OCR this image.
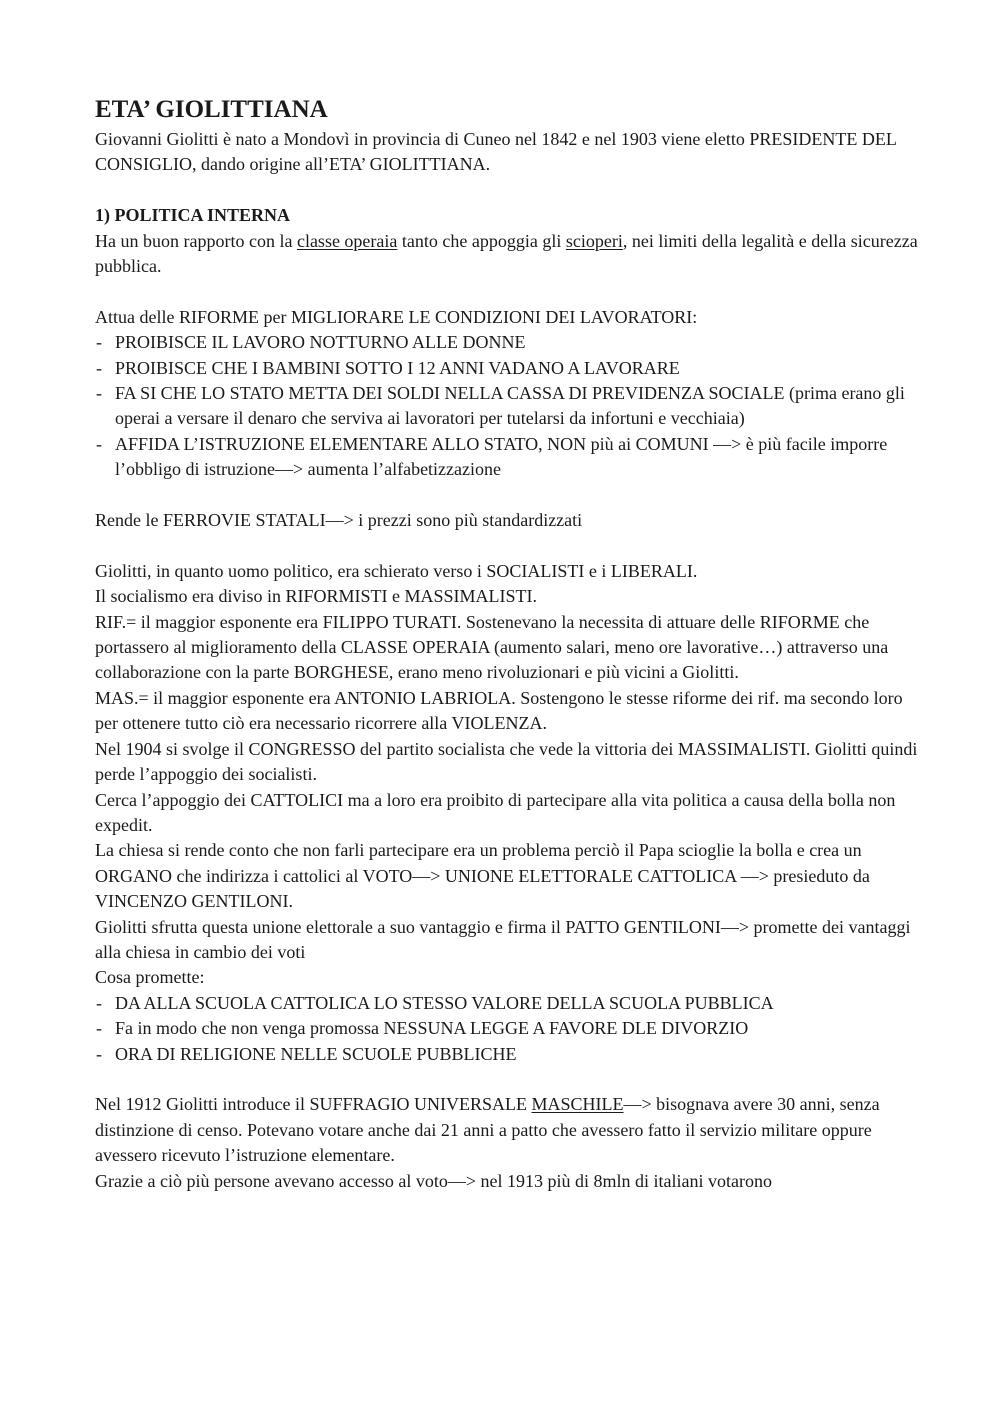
ETA’ GIOLITTIANA

Giovanni Giolitti è nato a Mondovì in provincia di Cuneo nel 1842 e nel 1903 viene eletto PRESIDENTE DEL CONSIGLIO, dando origine all’ETA’ GIOLITTIANA.

1) POLITICA INTERNA

Ha un buon rapporto con la classe operaia tanto che appoggia gli scioperi, nei limiti della legalità e della sicurezza pubblica.

Attua delle RIFORME per MIGLIORARE LE CONDIZIONI DEI LAVORATORI:

- PROIBISCE IL LAVORO NOTTURNO ALLE DONNE
- PROIBISCE CHE I BAMBINI SOTTO I 12 ANNI VADANO A LAVORARE
- FA SI CHE LO STATO METTA DEI SOLDI NELLA CASSA DI PREVIDENZA SOCIALE (prima erano gli operai a versare il denaro che serviva ai lavoratori per tutelarsi da infortuni e vecchiaia)
- AFFIDA L’ISTRUZIONE ELEMENTARE ALLO STATO, NON più ai COMUNI —> è più facile imporre l’obbligo di istruzione—> aumenta l’alfabetizzazione

Rende le FERROVIE STATALI—> i prezzi sono più standardizzati

Giolitti, in quanto uomo politico, era schierato verso i SOCIALISTI e i LIBERALI.

Il socialismo era diviso in RIFORMISTI e MASSIMALISTI.

RIF.= il maggior esponente era FILIPPO TURATI. Sostenevano la necessita di attuare delle RIFORME che portassero al miglioramento della CLASSE OPERAIA (aumento salari, meno ore lavorative…) attraverso una collaborazione con la parte BORGHESE, erano meno rivoluzionari e più vicini a Giolitti.

MAS.= il maggior esponente era ANTONIO LABRIOLA. Sostengono le stesse riforme dei rif. ma secondo loro per ottenere tutto ciò era necessario ricorrere alla VIOLENZA.

Nel 1904 si svolge il CONGRESSO del partito socialista che vede la vittoria dei MASSIMALISTI. Giolitti quindi perde l’appoggio dei socialisti.

Cerca l’appoggio dei CATTOLICI ma a loro era proibito di partecipare alla vita politica a causa della bolla non expedit.

La chiesa si rende conto che non farli partecipare era un problema perciò il Papa scioglie la bolla e crea un ORGANO che indirizza i cattolici al VOTO—> UNIONE ELETTORALE CATTOLICA —> presieduto da VINCENZO GENTILONI.

Giolitti sfrutta questa unione elettorale a suo vantaggio e firma il PATTO GENTILONI—> promette dei vantaggi alla chiesa in cambio dei voti

Cosa promette:

- DA ALLA SCUOLA CATTOLICA LO STESSO VALORE DELLA SCUOLA PUBBLICA
- Fa in modo che non venga promossa NESSUNA LEGGE A FAVORE DLE DIVORZIO
- ORA DI RELIGIONE NELLE SCUOLE PUBBLICHE

Nel 1912 Giolitti introduce il SUFFRAGIO UNIVERSALE MASCHILE—> bisognava avere 30 anni, senza distinzione di censo. Potevano votare anche dai 21 anni a patto che avessero fatto il servizio militare oppure avessero ricevuto l’istruzione elementare.

Grazie a ciò più persone avevano accesso al voto—> nel 1913 più di 8mln di italiani votarono
